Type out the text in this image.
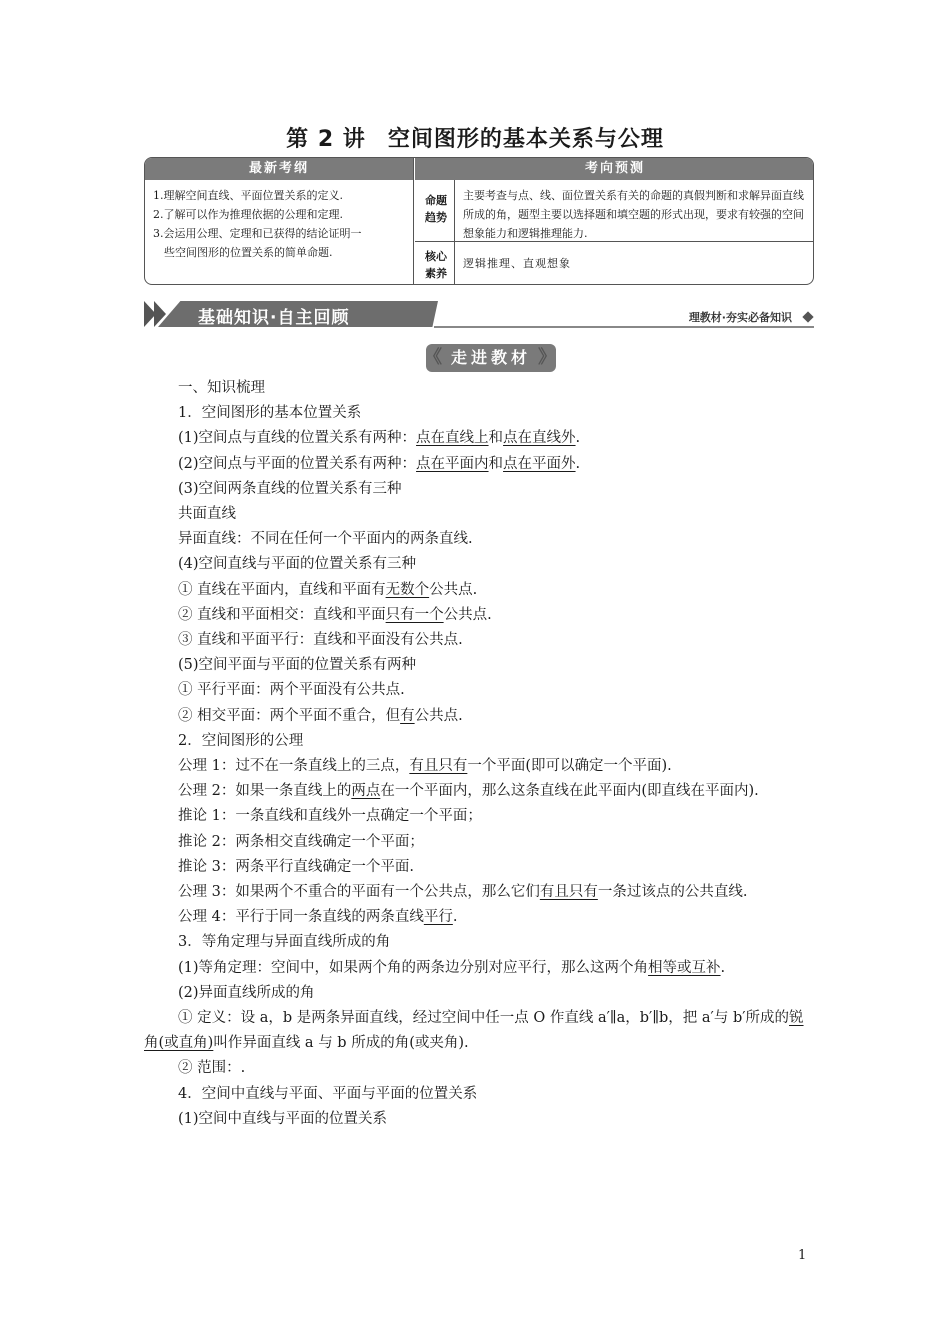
第 2 讲 空间图形的基本关系与公理
最新考纲	考向预测
1.理解空间直线、平面位置关系的定义.
2.了解可以作为推理依据的公理和定理.
3.会运用公理、定理和已获得的结论证明一
　些空间图形的位置关系的简单命题.
命题
趋势
主要考查与点、线、面位置关系有关的命题的真假判断和求解异面直线所成的角，题型主要以选择题和填空题的形式出现，要求有较强的空间想象能力和逻辑推理能力.
核心
素养
逻辑推理、直观想象
基础知识·自主回顾	理教材·夯实必备知识
《 走进教材 》

一、知识梳理

1．空间图形的基本位置关系

(1)空间点与直线的位置关系有两种：点在直线上和点在直线外.

(2)空间点与平面的位置关系有两种：点在平面内和点在平面外.

(3)空间两条直线的位置关系有三种

共面直线

异面直线：不同在任何一个平面内的两条直线.

(4)空间直线与平面的位置关系有三种

① 直线在平面内，直线和平面有无数个公共点.

② 直线和平面相交：直线和平面只有一个公共点.

③ 直线和平面平行：直线和平面没有公共点.

(5)空间平面与平面的位置关系有两种

① 平行平面：两个平面没有公共点.

② 相交平面：两个平面不重合，但有公共点.

2．空间图形的公理

公理 1：过不在一条直线上的三点，有且只有一个平面(即可以确定一个平面).

公理 2：如果一条直线上的两点在一个平面内，那么这条直线在此平面内(即直线在平面内).

推论 1：一条直线和直线外一点确定一个平面；

推论 2：两条相交直线确定一个平面；

推论 3：两条平行直线确定一个平面.

公理 3：如果两个不重合的平面有一个公共点，那么它们有且只有一条过该点的公共直线.

公理 4：平行于同一条直线的两条直线平行.

3．等角定理与异面直线所成的角

(1)等角定理：空间中，如果两个角的两条边分别对应平行，那么这两个角相等或互补.

(2)异面直线所成的角

① 定义：设 a，b 是两条异面直线，经过空间中任一点 O 作直线 a′∥a，b′∥b，把 a′与 b′所成的锐角(或直角)叫作异面直线 a 与 b 所成的角(或夹角).

② 范围：.

4．空间中直线与平面、平面与平面的位置关系

(1)空间中直线与平面的位置关系

1
